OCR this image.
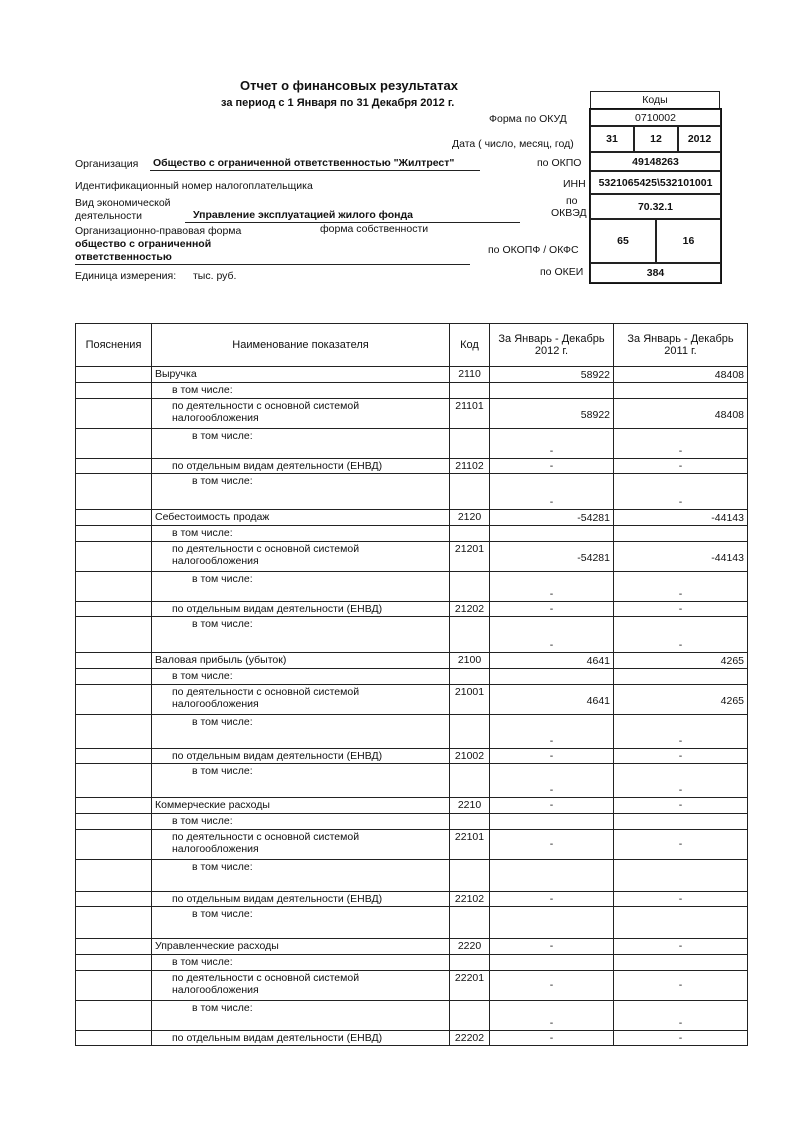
Отчет о финансовых результатах
за период с 1 Января по 31 Декабря 2012 г.	Коды
Форма по ОКУД	0710002
Дата ( число, месяц, год)	31	12	2012
Организация Общество с ограниченной ответственностью "Жилтрест"	по ОКПО	49148263
Идентификационный номер налогоплательщика	ИНН	5321065425\532101001
Вид экономической
деятельности	Управление эксплуатацией жилого фонда
по
ОКВЭД
70.32.1
Организационно-правовая форма	форма собственности
общество с ограниченной
ответственностью
по ОКОПФ / ОКФС
65	16
Единица измерения: тыс. руб.	по ОКЕИ	384
Пояснения	Наименование показателя	Код	За Январь - Декабрь 2012 г.	За Январь - Декабрь 2011 г.
	Выручка	2110	58922	48408
	в том числе:			
	по деятельности с основной системой налогообложения	21101	58922	48408
	в том числе:		-	-
	по отдельным видам деятельности (ЕНВД)	21102	-	-
	в том числе:		-	-
	Себестоимость продаж	2120	-54281	-44143
	в том числе:			
	по деятельности с основной системой налогообложения	21201	-54281	-44143
	в том числе:		-	-
	по отдельным видам деятельности (ЕНВД)	21202	-	-
	в том числе:		-	-
	Валовая прибыль (убыток)	2100	4641	4265
	в том числе:			
	по деятельности с основной системой налогообложения	21001	4641	4265
	в том числе:		-	-
	по отдельным видам деятельности (ЕНВД)	21002	-	-
	в том числе:		-	-
	Коммерческие расходы	2210	-	-
	в том числе:			
	по деятельности с основной системой налогообложения	22101	-	-
	в том числе:			
	по отдельным видам деятельности (ЕНВД)	22102	-	-
	в том числе:			
	Управленческие расходы	2220	-	-
	в том числе:			
	по деятельности с основной системой налогообложения	22201	-	-
	в том числе:		-	-
	по отдельным видам деятельности (ЕНВД)	22202	-	-
